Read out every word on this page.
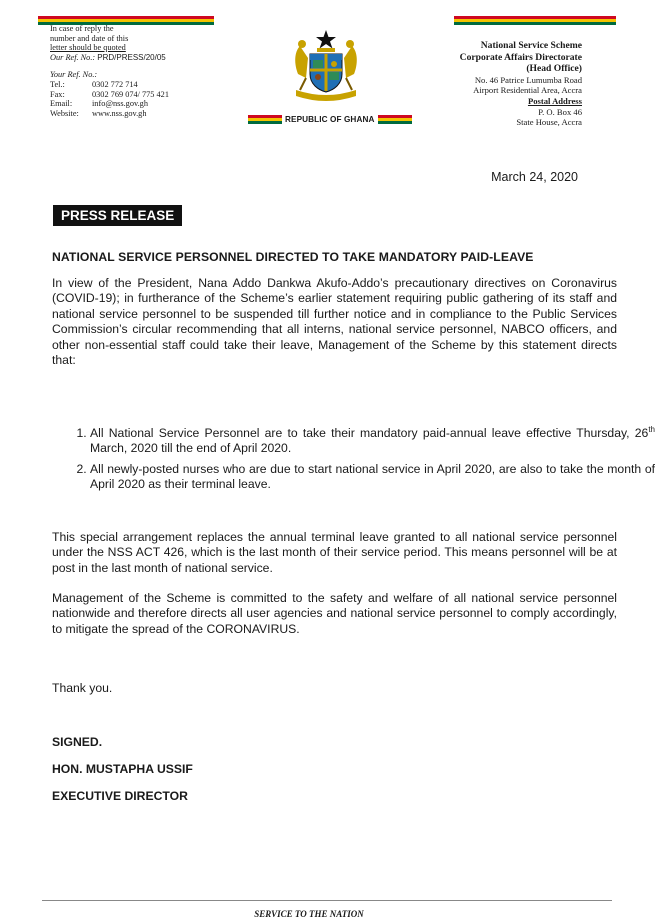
In case of reply the
number and date of this
letter should be quoted
Our Ref. No.: PRD/PRESS/20/05
Your Ref. No.:
Tel.:	0302 772 714
Fax:	0302 769 074/ 775 421
Email:	info@nss.gov.gh
Website:	www.nss.gov.gh
REPUBLIC OF GHANA
National Service Scheme
Corporate Affairs Directorate
(Head Office)
No. 46 Patrice Lumumba Road
Airport Residential Area, Accra
Postal Address
P. O. Box 46
State House, Accra
March 24, 2020
PRESS RELEASE
NATIONAL SERVICE PERSONNEL DIRECTED TO TAKE MANDATORY PAID-LEAVE
In view of the President, Nana Addo Dankwa Akufo-Addo’s precautionary directives on Coronavirus (COVID-19); in furtherance of the Scheme’s earlier statement requiring public gathering of its staff and national service personnel to be suspended till further notice and in compliance to the Public Services Commission’s circular recommending that all interns, national service personnel, NABCO officers, and other non-essential staff could take their leave, Management of the Scheme by this statement directs that:
1. All National Service Personnel are to take their mandatory paid-annual leave effective Thursday, 26th March, 2020 till the end of April 2020.
2. All newly-posted nurses who are due to start national service in April 2020, are also to take the month of April 2020 as their terminal leave.
This special arrangement replaces the annual terminal leave granted to all national service personnel under the NSS ACT 426, which is the last month of their service period. This means personnel will be at post in the last month of national service.
Management of the Scheme is committed to the safety and welfare of all national service personnel nationwide and therefore directs all user agencies and national service personnel to comply accordingly, to mitigate the spread of the CORONAVIRUS.
Thank you.
SIGNED.
HON. MUSTAPHA USSIF
EXECUTIVE DIRECTOR
SERVICE TO THE NATION
